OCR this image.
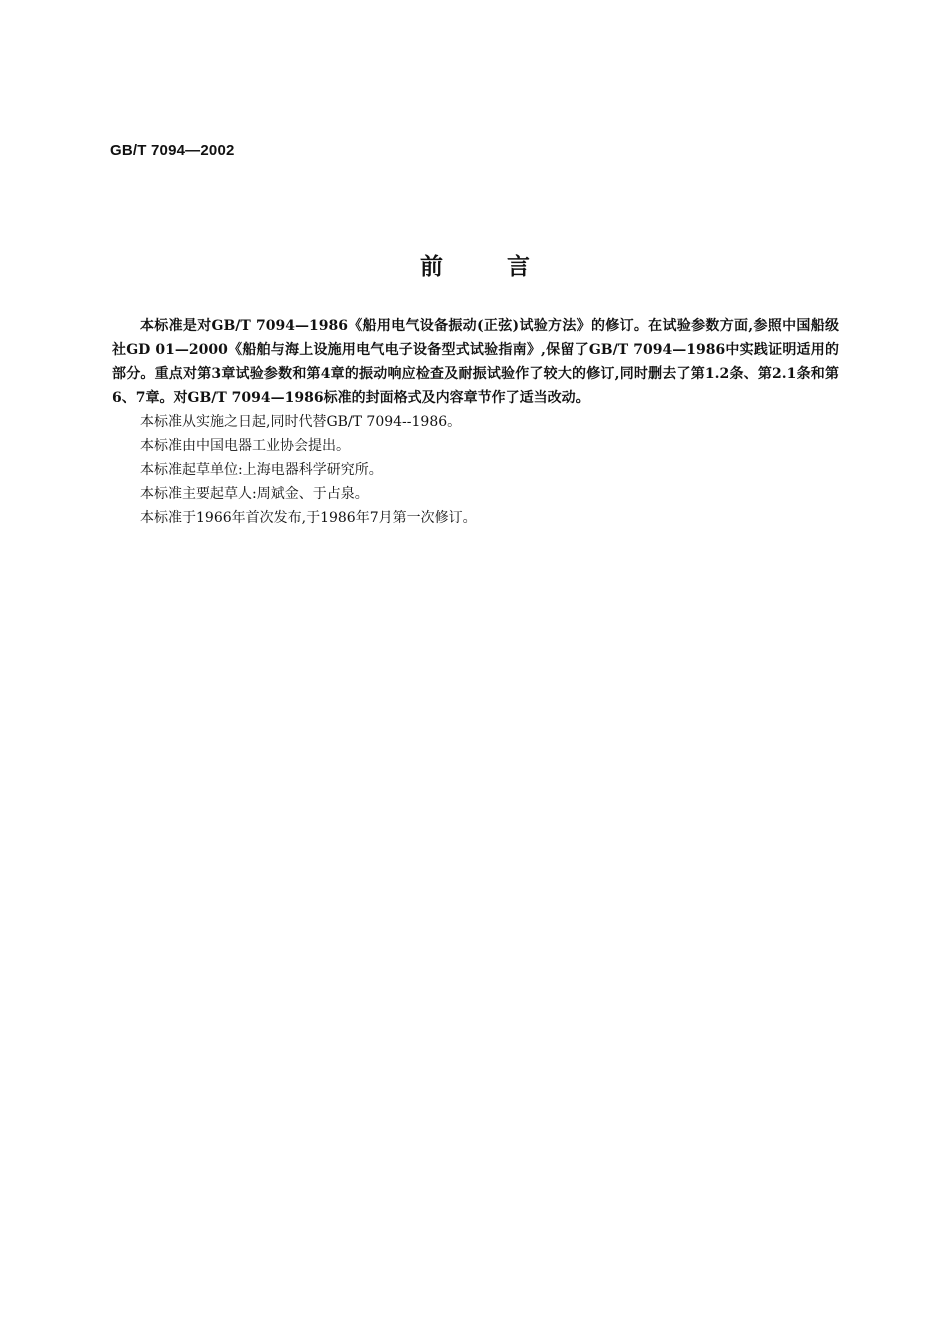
GB/T 7094—2002
前言

本标准是对GB/T 7094—1986《船用电气设备振动(正弦)试验方法》的修订。在试验参数方面,参照中国船级社GD 01—2000《船舶与海上设施用电气电子设备型式试验指南》,保留了GB/T 7094—1986中实践证明适用的部分。重点对第3章试验参数和第4章的振动响应检查及耐振试验作了较大的修订,同时删去了第1.2条、第2.1条和第6、7章。对GB/T 7094—1986标准的封面格式及内容章节作了适当改动。

本标准从实施之日起,同时代替GB/T 7094--1986。

本标准由中国电器工业协会提出。

本标准起草单位:上海电器科学研究所。

本标准主要起草人:周斌金、于占泉。

本标准于1966年首次发布,于1986年7月第一次修订。
